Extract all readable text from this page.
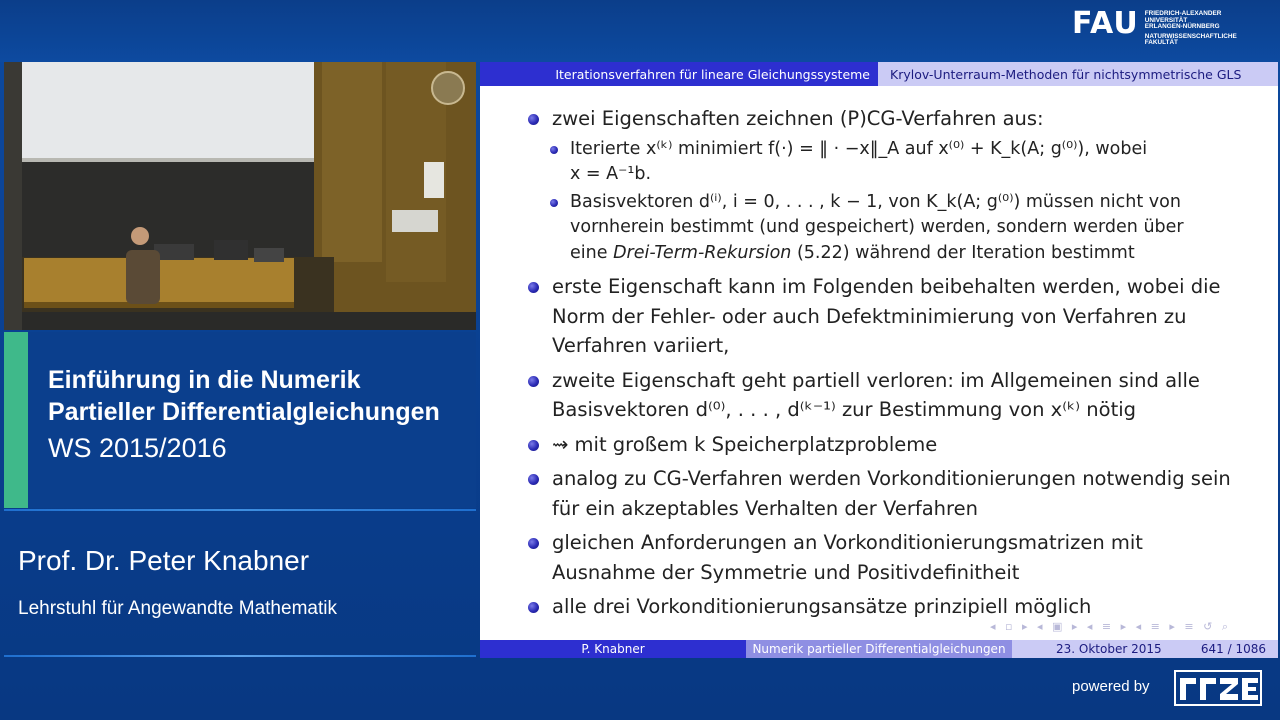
FAU FRIEDRICH-ALEXANDER
UNIVERSITÄT
ERLANGEN-NÜRNBERG
NATURWISSENSCHAFTLICHE
FAKULTÄT
Einführung in die Numerik
Partieller Differentialgleichungen
WS 2015/2016
Prof. Dr. Peter Knabner
Lehrstuhl für Angewandte Mathematik
Iterationsverfahren für lineare Gleichungssysteme	Krylov-Unterraum-Methoden für nichtsymmetrische GLS
zwei Eigenschaften zeichnen (P)CG-Verfahren aus:
Iterierte x⁽ᵏ⁾ minimiert f(·) = ‖ · −x‖_A auf x⁽⁰⁾ + K_k(A; g⁽⁰⁾), wobei
x = A⁻¹b.
Basisvektoren d⁽ⁱ⁾, i = 0, . . . , k − 1, von K_k(A; g⁽⁰⁾) müssen nicht von
vornherein bestimmt (und gespeichert) werden, sondern werden über
eine Drei-Term-Rekursion (5.22) während der Iteration bestimmt
erste Eigenschaft kann im Folgenden beibehalten werden, wobei die
Norm der Fehler- oder auch Defektminimierung von Verfahren zu
Verfahren variiert,
zweite Eigenschaft geht partiell verloren: im Allgemeinen sind alle
Basisvektoren d⁽⁰⁾, . . . , d⁽ᵏ⁻¹⁾ zur Bestimmung von x⁽ᵏ⁾ nötig
⇝ mit großem k Speicherplatzprobleme
analog zu CG-Verfahren werden Vorkonditionierungen notwendig sein
für ein akzeptables Verhalten der Verfahren
gleichen Anforderungen an Vorkonditionierungsmatrizen mit
Ausnahme der Symmetrie und Positivdefinitheit
alle drei Vorkonditionierungsansätze prinzipiell möglich
◂ ▫ ▸ ◂ ▣ ▸ ◂ ≡ ▸ ◂ ≡ ▸ ≡ ↺ ⌕
P. Knabner	Numerik partieller Differentialgleichungen	23. Oktober 2015	641 / 1086
powered by
